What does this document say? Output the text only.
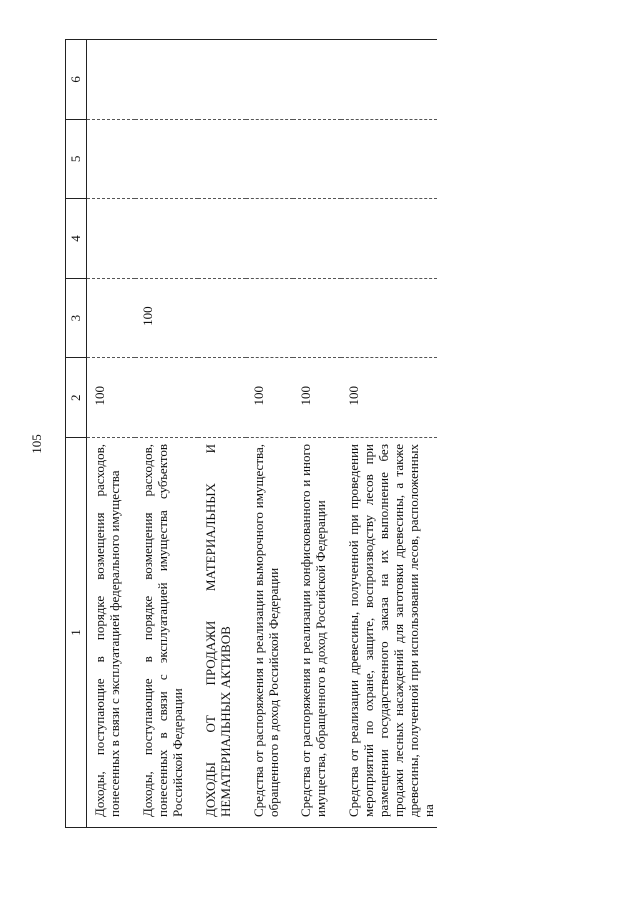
105
1	2	3	4	5	6
Доходы, поступающие в порядке возмещения расходов, понесенных в связи с эксплуатацией федерального имущества	100				
Доходы, поступающие в порядке возмещения расходов, понесенных в связи с эксплуатацией имущества субъектов Российской Федерации		100			
ДОХОДЫ ОТ ПРОДАЖИ МАТЕРИАЛЬНЫХ И НЕМАТЕРИАЛЬНЫХ АКТИВОВ					
Средства от распоряжения и реализации выморочного имущества, обращенного в доход Российской Федерации	100				
Средства от распоряжения и реализации конфискованного и иного имущества, обращенного в доход Российской Федерации	100				
Средства от реализации древесины, полученной при проведении мероприятий по охране, защите, воспроизводству лесов при размещении государственного заказа на их выполнение без продажи лесных насаждений для заготовки древесины, а также древесины, полученной при использовании лесов, расположенных на	100				
